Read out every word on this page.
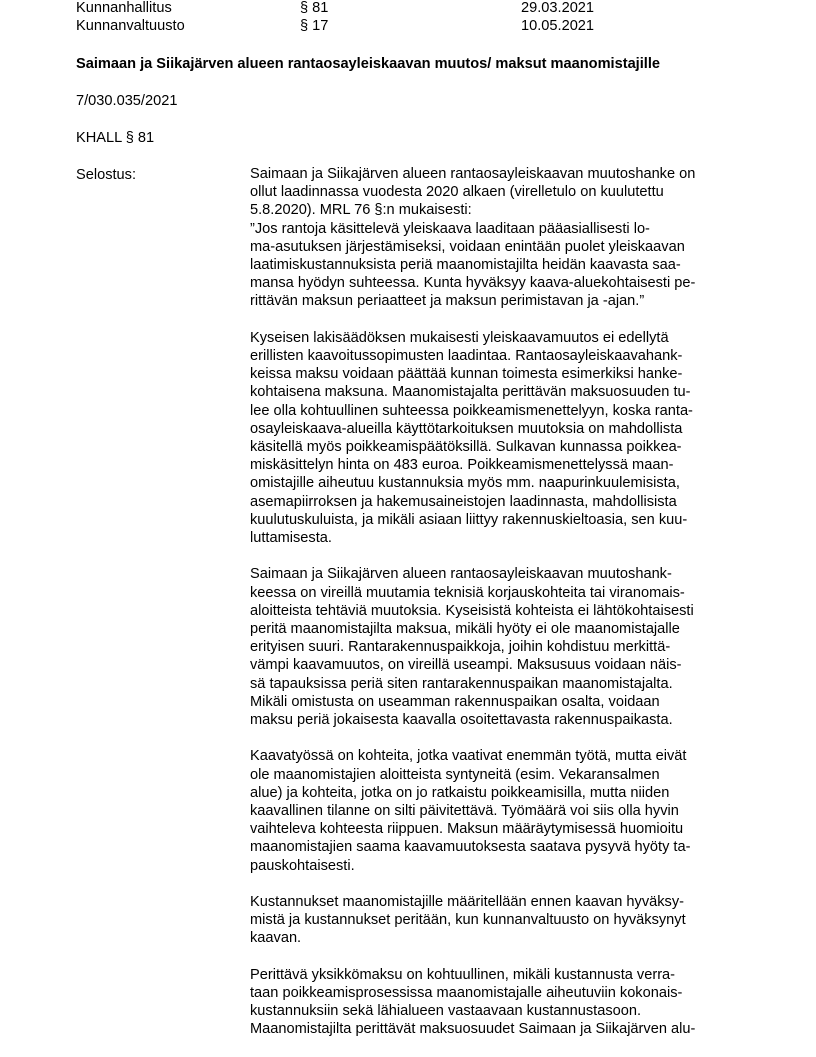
Kunnanhallitus	§ 81	29.03.2021
Kunnanvaltuusto	§ 17	10.05.2021
Saimaan ja Siikajärven alueen rantaosayleiskaavan muutos/ maksut maanomistajille
7/030.035/2021
KHALL § 81
Selostus:	Saimaan ja Siikajärven alueen rantaosayleiskaavan muutoshanke on
ollut laadinnassa vuodesta 2020 alkaen (virelletulo on kuulutettu
5.8.2020). MRL 76 §:n mukaisesti:
”Jos rantoja käsittelevä yleiskaava laaditaan pääasiallisesti lo-
ma-asutuksen järjestämiseksi, voidaan enintään puolet yleiskaavan
laatimiskustannuksista periä maanomistajilta heidän kaavasta saa-
mansa hyödyn suhteessa. Kunta hyväksyy kaava-aluekohtaisesti pe-
rittävän maksun periaatteet ja maksun perimistavan ja -ajan.”
Kyseisen lakisäädöksen mukaisesti yleiskaavamuutos ei edellytä
erillisten kaavoitussopimusten laadintaa. Rantaosayleiskaavahank-
keissa maksu voidaan päättää kunnan toimesta esimerkiksi hanke-
kohtaisena maksuna. Maanomistajalta perittävän maksuosuuden tu-
lee olla kohtuullinen suhteessa poikkeamismenettelyyn, koska ranta-
osayleiskaava-alueilla käyttötarkoituksen muutoksia on mahdollista
käsitellä myös poikkeamispäätöksillä. Sulkavan kunnassa poikkea-
miskäsittelyn hinta on 483 euroa. Poikkeamismenettelyssä maan-
omistajille aiheutuu kustannuksia myös mm. naapurinkuulemisista,
asemapiirroksen ja hakemusaineistojen laadinnasta, mahdollisista
kuulutuskuluista, ja mikäli asiaan liittyy rakennuskieltoasia, sen kuu-
luttamisesta.
Saimaan ja Siikajärven alueen rantaosayleiskaavan muutoshank-
keessa on vireillä muutamia teknisiä korjauskohteita tai viranomais-
aloitteista tehtäviä muutoksia. Kyseisistä kohteista ei lähtökohtaisesti
peritä maanomistajilta maksua, mikäli hyöty ei ole maanomistajalle
erityisen suuri. Rantarakennuspaikkoja, joihin kohdistuu merkittä-
vämpi kaavamuutos, on vireillä useampi. Maksusuus voidaan näis-
sä tapauksissa periä siten rantarakennuspaikan maanomistajalta.
Mikäli omistusta on useamman rakennuspaikan osalta, voidaan
maksu periä jokaisesta kaavalla osoitettavasta rakennuspaikasta.
Kaavatyössä on kohteita, jotka vaativat enemmän työtä, mutta eivät
ole maanomistajien aloitteista syntyneitä (esim. Vekaransalmen
alue) ja kohteita, jotka on jo ratkaistu poikkeamisilla, mutta niiden
kaavallinen tilanne on silti päivitettävä. Työmäärä voi siis olla hyvin
vaihteleva kohteesta riippuen. Maksun määräytymisessä huomioitu
maanomistajien saama kaavamuutoksesta saatava pysyvä hyöty ta-
pauskohtaisesti.
Kustannukset maanomistajille määritellään ennen kaavan hyväksy-
mistä ja kustannukset peritään, kun kunnanvaltuusto on hyväksynyt
kaavan.
Perittävä yksikkömaksu on kohtuullinen, mikäli kustannusta verra-
taan poikkeamisprosessissa maanomistajalle aiheutuviin kokonais-
kustannuksiin sekä lähialueen vastaavaan kustannustasoon.
Maanomistajilta perittävät maksuosuudet Saimaan ja Siikajärven alu-
